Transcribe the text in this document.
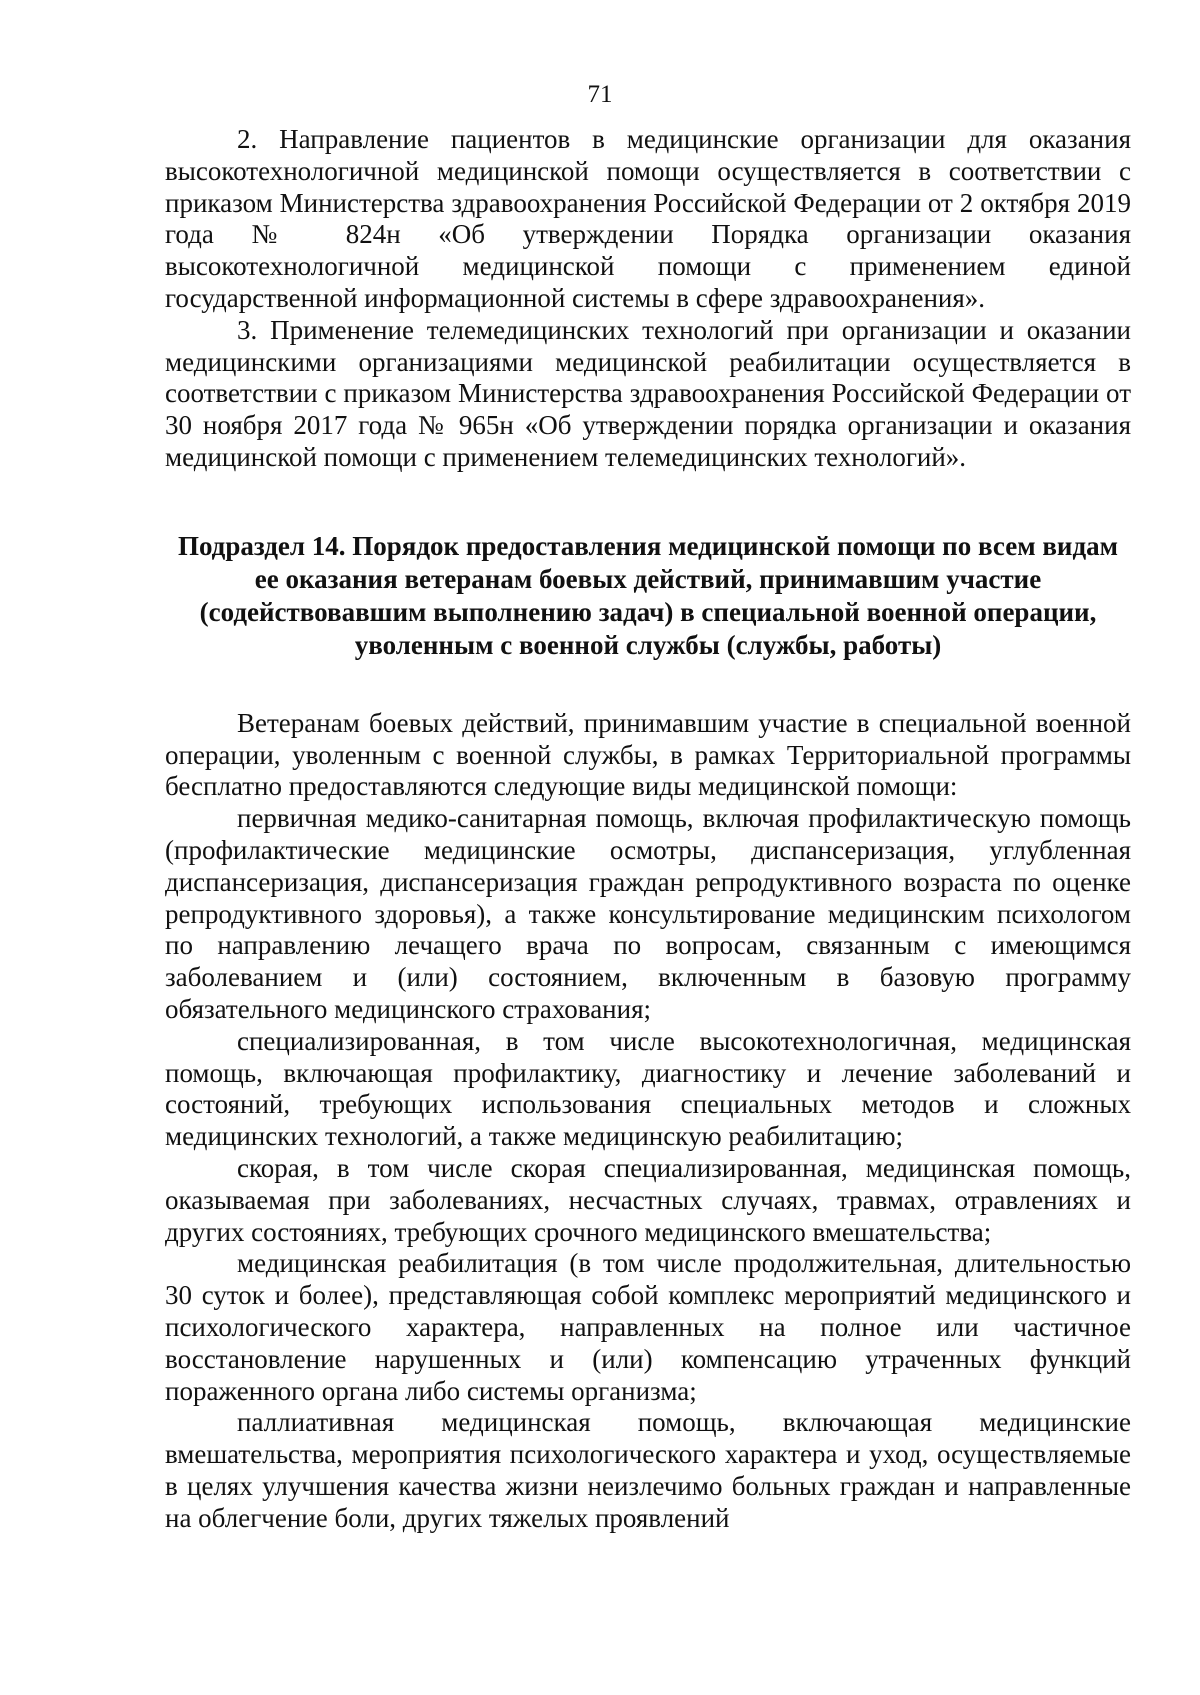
71

2. Направление пациентов в медицинские организации для оказания высокотехнологичной медицинской помощи осуществляется в соответствии с приказом Министерства здравоохранения Российской Федерации от 2 октября 2019 года № 824н «Об утверждении Порядка организации оказания высокотехнологичной медицинской помощи с применением единой государственной информационной системы в сфере здравоохранения».

3. Применение телемедицинских технологий при организации и оказании медицинскими организациями медицинской реабилитации осуществляется в соответствии с приказом Министерства здравоохранения Российской Федерации от 30 ноября 2017 года № 965н «Об утверждении порядка организации и оказания медицинской помощи с применением телемедицинских технологий».

Подраздел 14. Порядок предоставления медицинской помощи по всем видам ее оказания ветеранам боевых действий, принимавшим участие (содействовавшим выполнению задач) в специальной военной операции, уволенным с военной службы (службы, работы)

Ветеранам боевых действий, принимавшим участие в специальной военной операции, уволенным с военной службы, в рамках Территориальной программы бесплатно предоставляются следующие виды медицинской помощи:

первичная медико-санитарная помощь, включая профилактическую помощь (профилактические медицинские осмотры, диспансеризация, углубленная диспансеризация, диспансеризация граждан репродуктивного возраста по оценке репродуктивного здоровья), а также консультирование медицинским психологом по направлению лечащего врача по вопросам, связанным с имеющимся заболеванием и (или) состоянием, включенным в базовую программу обязательного медицинского страхования;

специализированная, в том числе высокотехнологичная, медицинская помощь, включающая профилактику, диагностику и лечение заболеваний и состояний, требующих использования специальных методов и сложных медицинских технологий, а также медицинскую реабилитацию;

скорая, в том числе скорая специализированная, медицинская помощь, оказываемая при заболеваниях, несчастных случаях, травмах, отравлениях и других состояниях, требующих срочного медицинского вмешательства;

медицинская реабилитация (в том числе продолжительная, длительностью 30 суток и более), представляющая собой комплекс мероприятий медицинского и психологического характера, направленных на полное или частичное восстановление нарушенных и (или) компенсацию утраченных функций пораженного органа либо системы организма;

паллиативная медицинская помощь, включающая медицинские вмешательства, мероприятия психологического характера и уход, осуществляемые в целях улучшения качества жизни неизлечимо больных граждан и направленные на облегчение боли, других тяжелых проявлений
